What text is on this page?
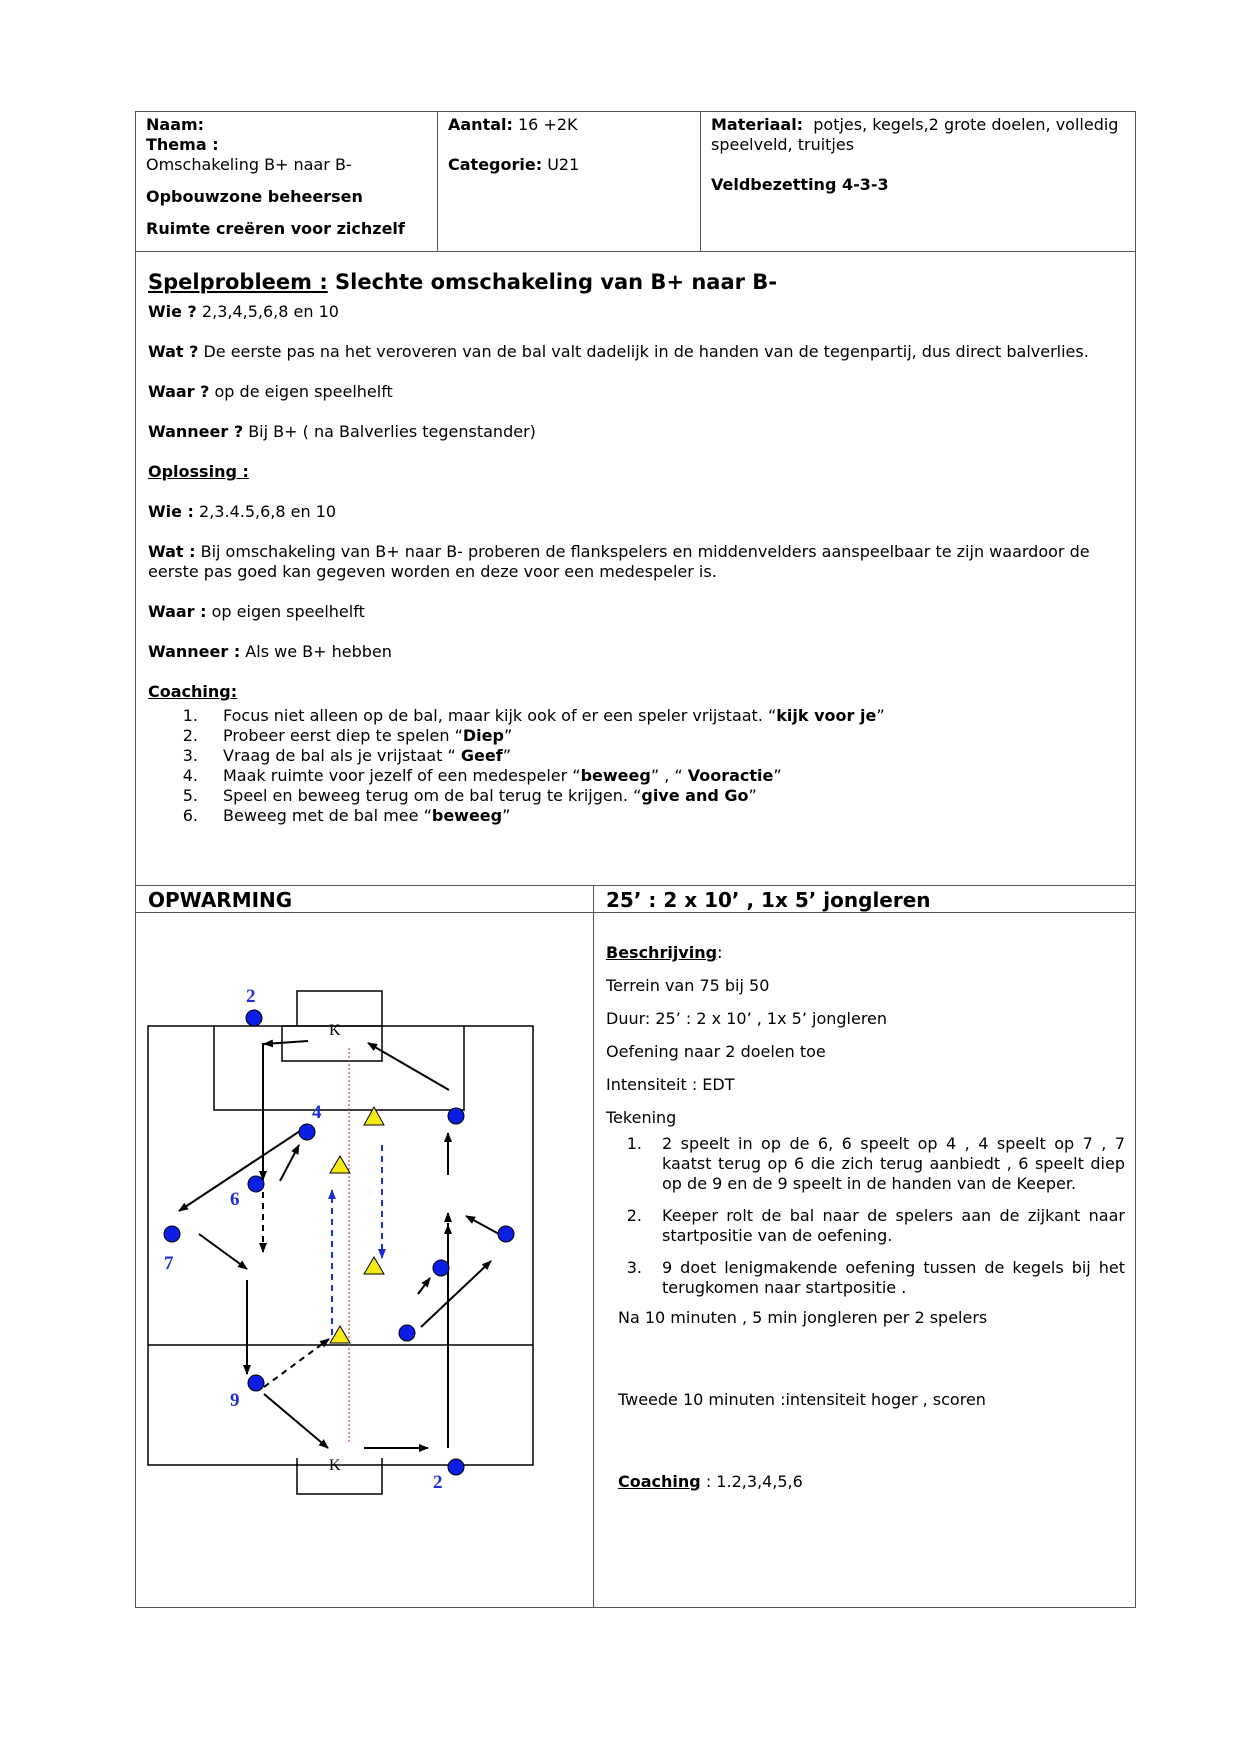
Naam:
Thema :
Omschakeling B+ naar B-
Opbouwzone beheersen
Ruimte creëren voor zichzelf
Aantal: 16 +2K
Categorie: U21
Materiaal: potjes, kegels,2 grote doelen, volledig speelveld, truitjes
Veldbezetting 4-3-3
Spelprobleem : Slechte omschakeling van B+ naar B-

Wie ? 2,3,4,5,6,8 en 10

Wat ? De eerste pas na het veroveren van de bal valt dadelijk in de handen van de tegenpartij, dus direct balverlies.

Waar ? op de eigen speelhelft

Wanneer ? Bij B+ ( na Balverlies tegenstander)

Oplossing :

Wie : 2,3.4.5,6,8 en 10

Wat : Bij omschakeling van B+ naar B- proberen de flankspelers en middenvelders aanspeelbaar te zijn waardoor de eerste pas goed kan gegeven worden en deze voor een medespeler is.

Waar : op eigen speelhelft

Wanneer : Als we B+ hebben

Coaching:
1.	Focus niet alleen op de bal, maar kijk ook of er een speler vrijstaat. “kijk voor je”
2.	Probeer eerst diep te spelen “Diep”
3.	Vraag de bal als je vrijstaat “ Geef”
4.	Maak ruimte voor jezelf of een medespeler “beweeg” , “ Vooractie”
5.	Speel en beweeg terug om de bal terug te krijgen. “give and Go”
6.	Beweeg met de bal mee “beweeg”
OPWARMING	25’ : 2 x 10’ , 1x 5’ jongleren
K
K
2
4
6
7
9
2

Beschrijving:

Terrein van 75 bij 50

Duur: 25’ : 2 x 10’ , 1x 5’ jongleren

Oefening naar 2 doelen toe

Intensiteit : EDT

Tekening

1.	2 speelt in op de 6, 6 speelt op 4 , 4 speelt op 7 , 7 kaatst terug op 6 die zich terug aanbiedt , 6 speelt diep op de 9 en de 9 speelt in de handen van de Keeper.
2.	Keeper rolt de bal naar de spelers aan de zijkant naar startpositie van de oefening.
3.	9 doet lenigmakende oefening tussen de kegels bij het terugkomen naar startpositie .

Na 10 minuten , 5 min jongleren per 2 spelers

Tweede 10 minuten :intensiteit hoger , scoren

Coaching : 1.2,3,4,5,6
